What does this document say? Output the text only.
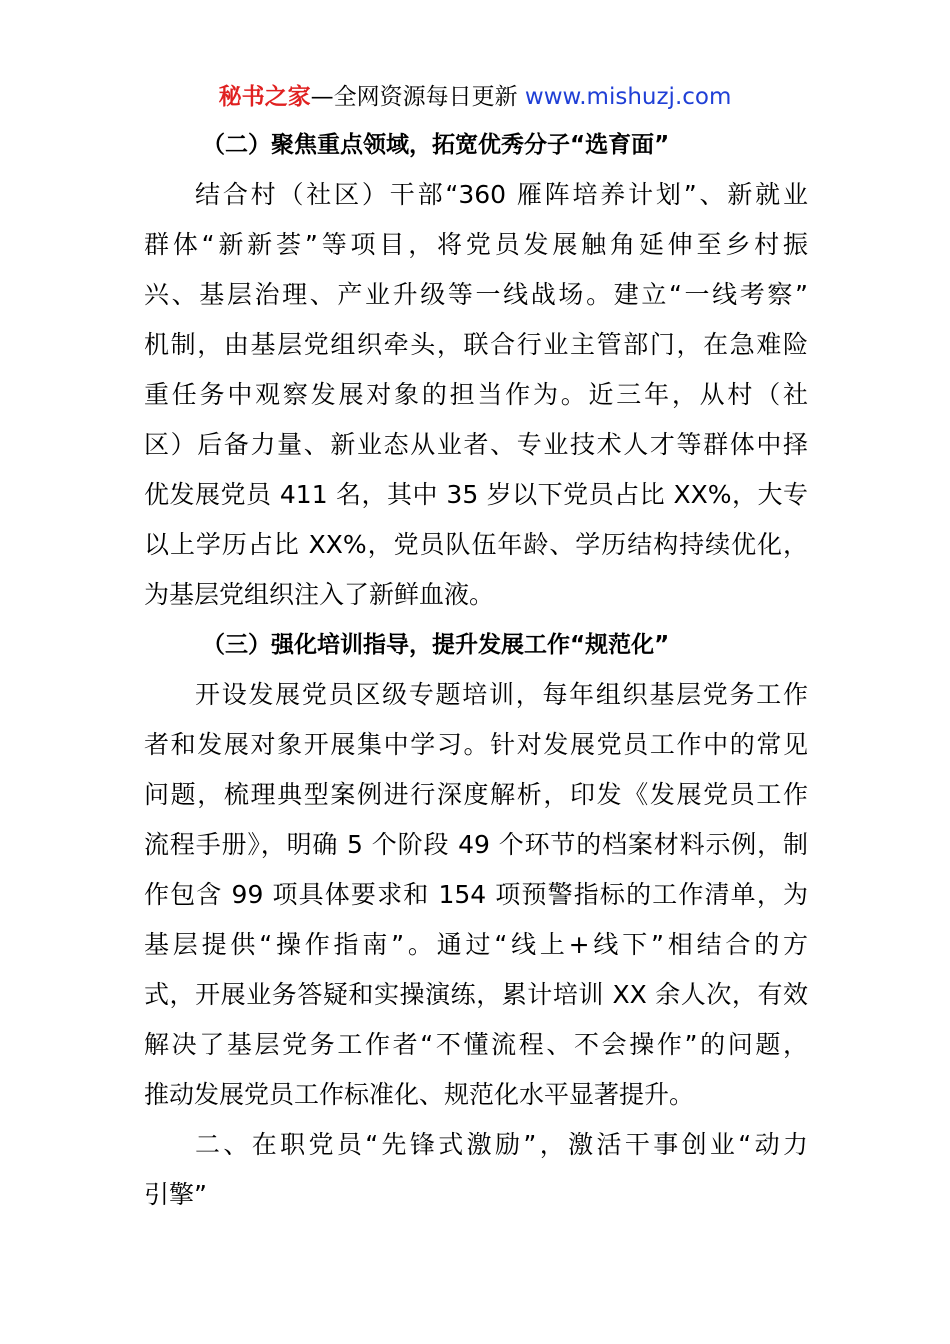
秘书之家—全网资源每日更新 www.mishuzj.com
（二）聚焦重点领域，拓宽优秀分子“选育面”
结合村（社区）干部“360 雁阵培养计划”、新就业
群体“新新荟”等项目，将党员发展触角延伸至乡村振
兴、基层治理、产业升级等一线战场。建立“一线考察”
机制，由基层党组织牵头，联合行业主管部门，在急难险
重任务中观察发展对象的担当作为。近三年，从村（社
区）后备力量、新业态从业者、专业技术人才等群体中择
优发展党员 411 名，其中 35 岁以下党员占比 XX%，大专
以上学历占比 XX%，党员队伍年龄、学历结构持续优化，
为基层党组织注入了新鲜血液。
（三）强化培训指导，提升发展工作“规范化”
开设发展党员区级专题培训，每年组织基层党务工作
者和发展对象开展集中学习。针对发展党员工作中的常见
问题，梳理典型案例进行深度解析，印发《发展党员工作
流程手册》，明确 5 个阶段 49 个环节的档案材料示例，制
作包含 99 项具体要求和 154 项预警指标的工作清单，为
基层提供“操作指南”。通过“线上+线下”相结合的方
式，开展业务答疑和实操演练，累计培训 XX 余人次，有效
解决了基层党务工作者“不懂流程、不会操作”的问题，
推动发展党员工作标准化、规范化水平显著提升。
二、在职党员“先锋式激励”，激活干事创业“动力
引擎”
